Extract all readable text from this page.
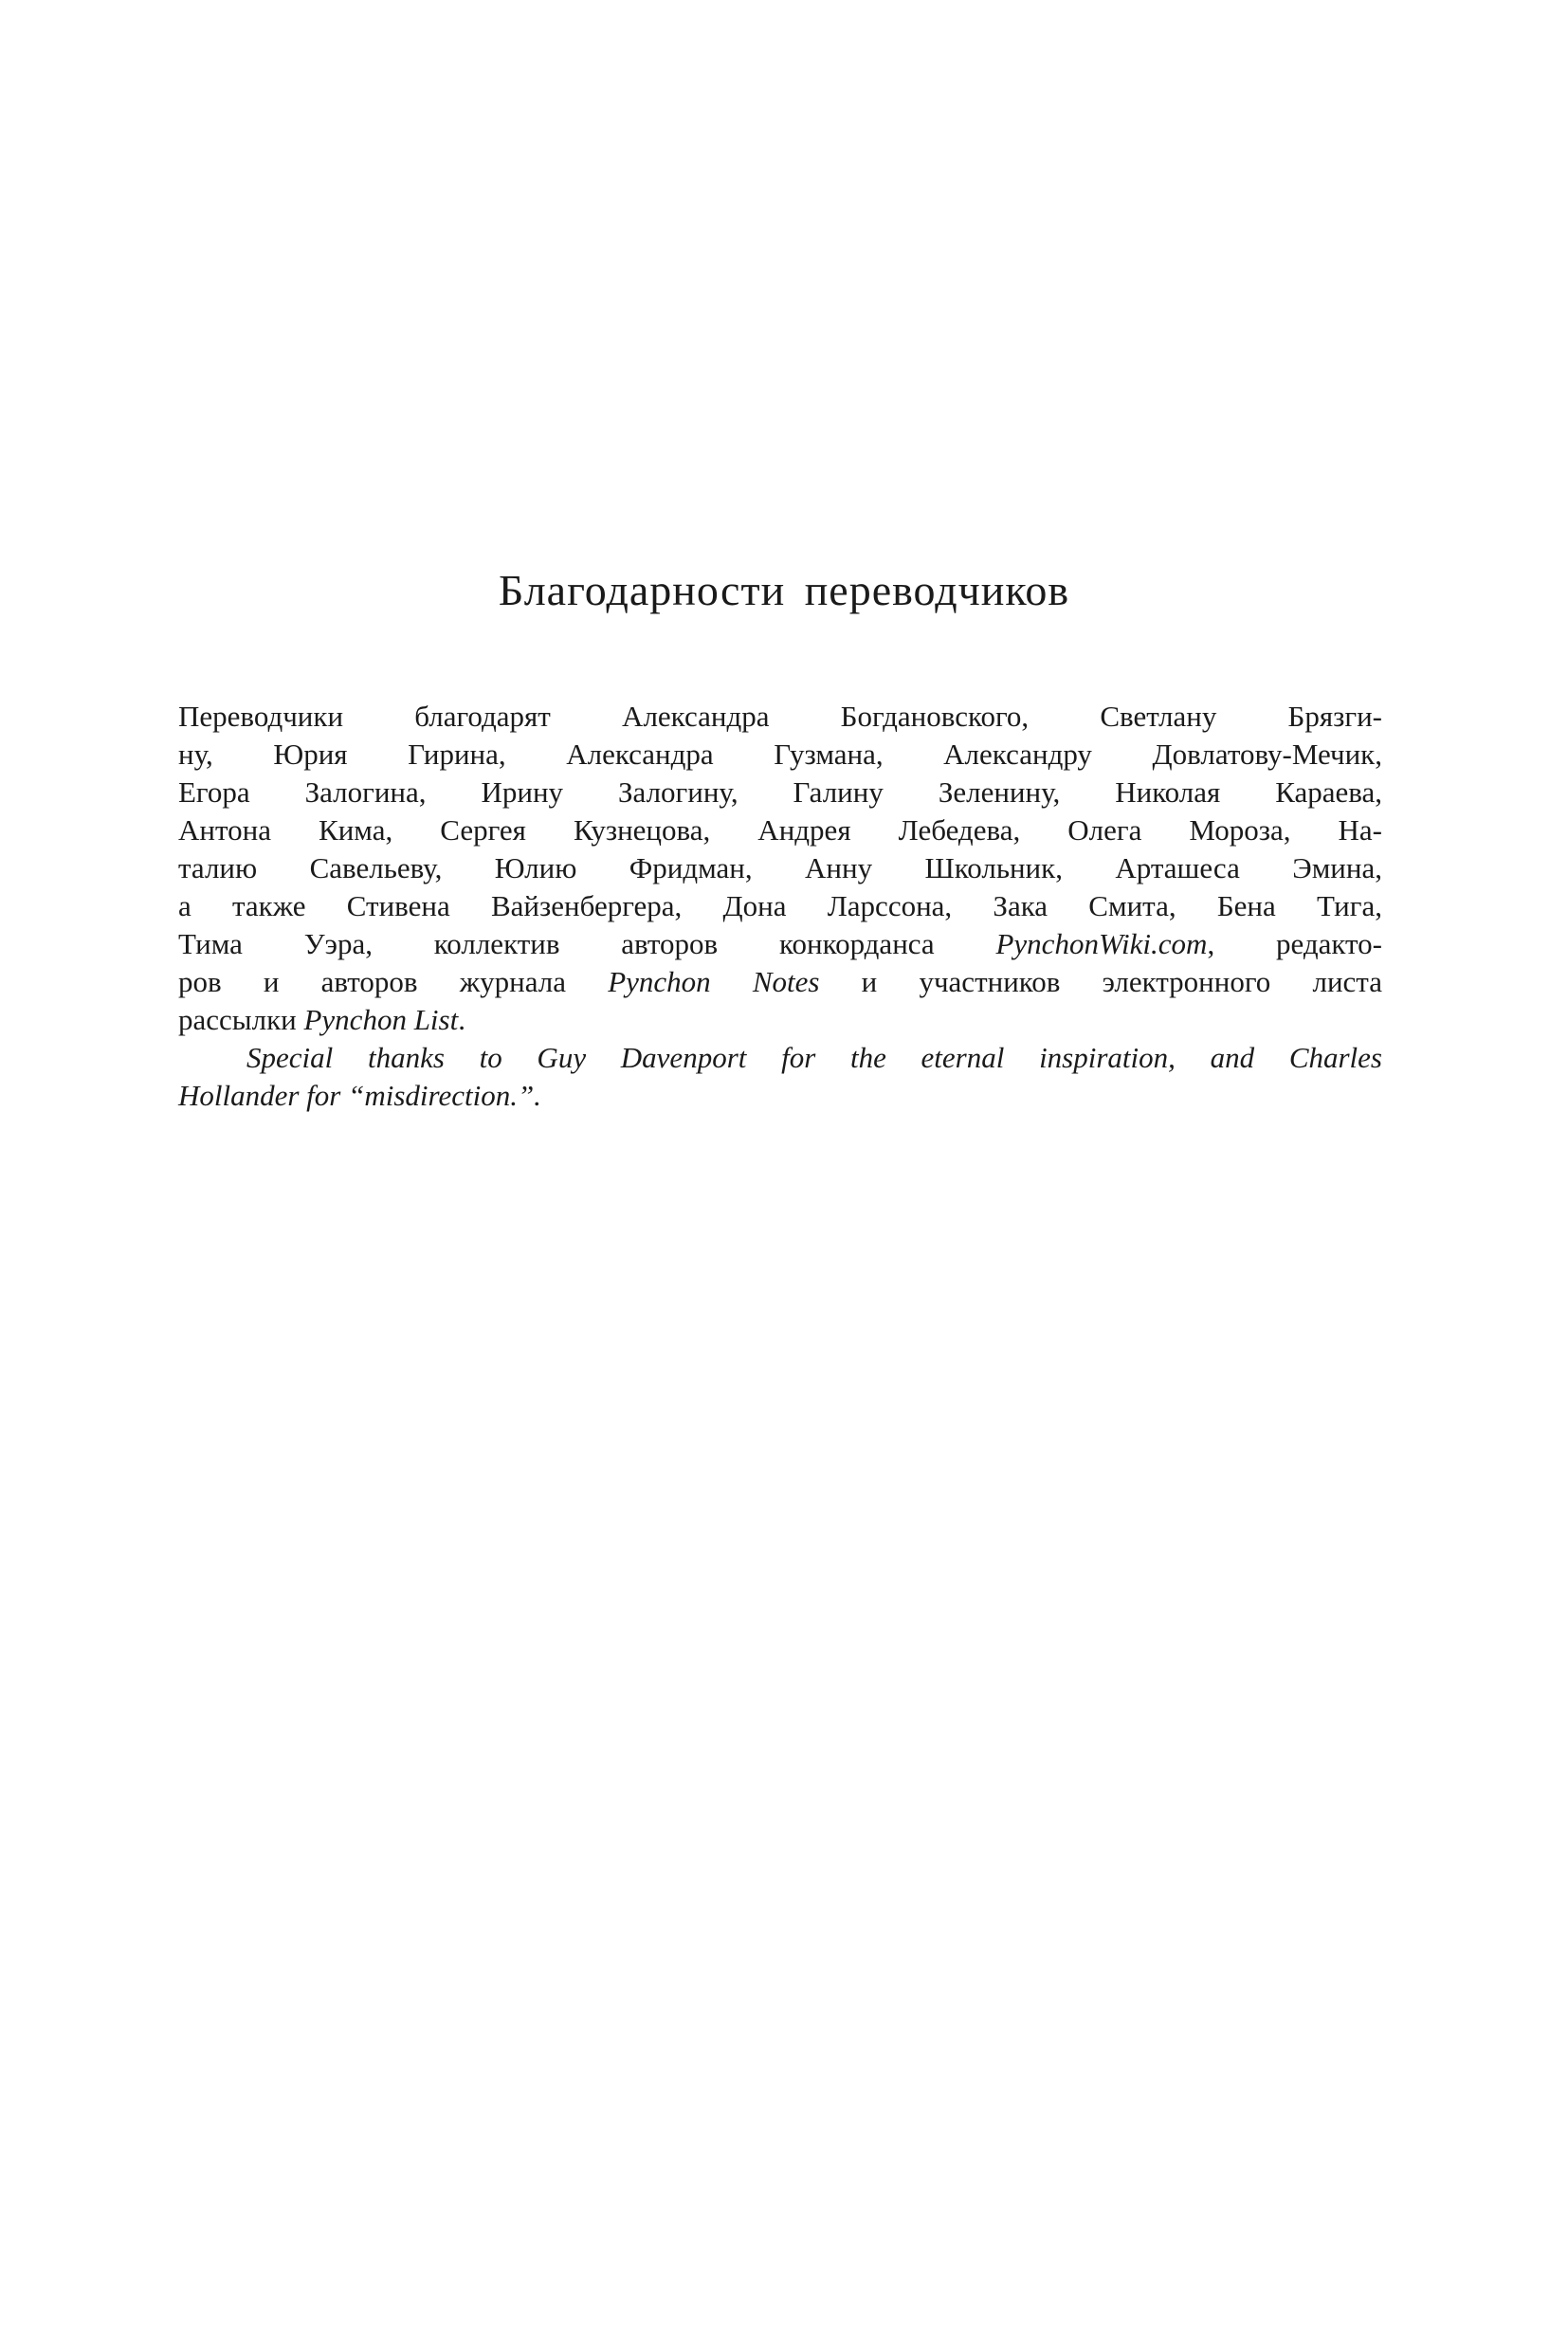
Благодарности переводчиков
Переводчики благодарят Александра Богдановского, Светлану Брязги-
ну, Юрия Гирина, Александра Гузмана, Александру Довлатову-Мечик,
Егора Залогина, Ирину Залогину, Галину Зеленину, Николая Караева,
Антона Кима, Сергея Кузнецова, Андрея Лебедева, Олега Мороза, На-
талию Савельеву, Юлию Фридман, Анну Школьник, Арташеса Эмина,
а также Стивена Вайзенбергера, Дона Ларссона, Зака Смита, Бена Тига,
Тима Уэра, коллектив авторов конкорданса PynchonWiki.com, редакто-
ров и авторов журнала Pynchon Notes и участников электронного листа
рассылки Pynchon List.
Special thanks to Guy Davenport for the eternal inspiration, and Charles
Hollander for “misdirection.”.
